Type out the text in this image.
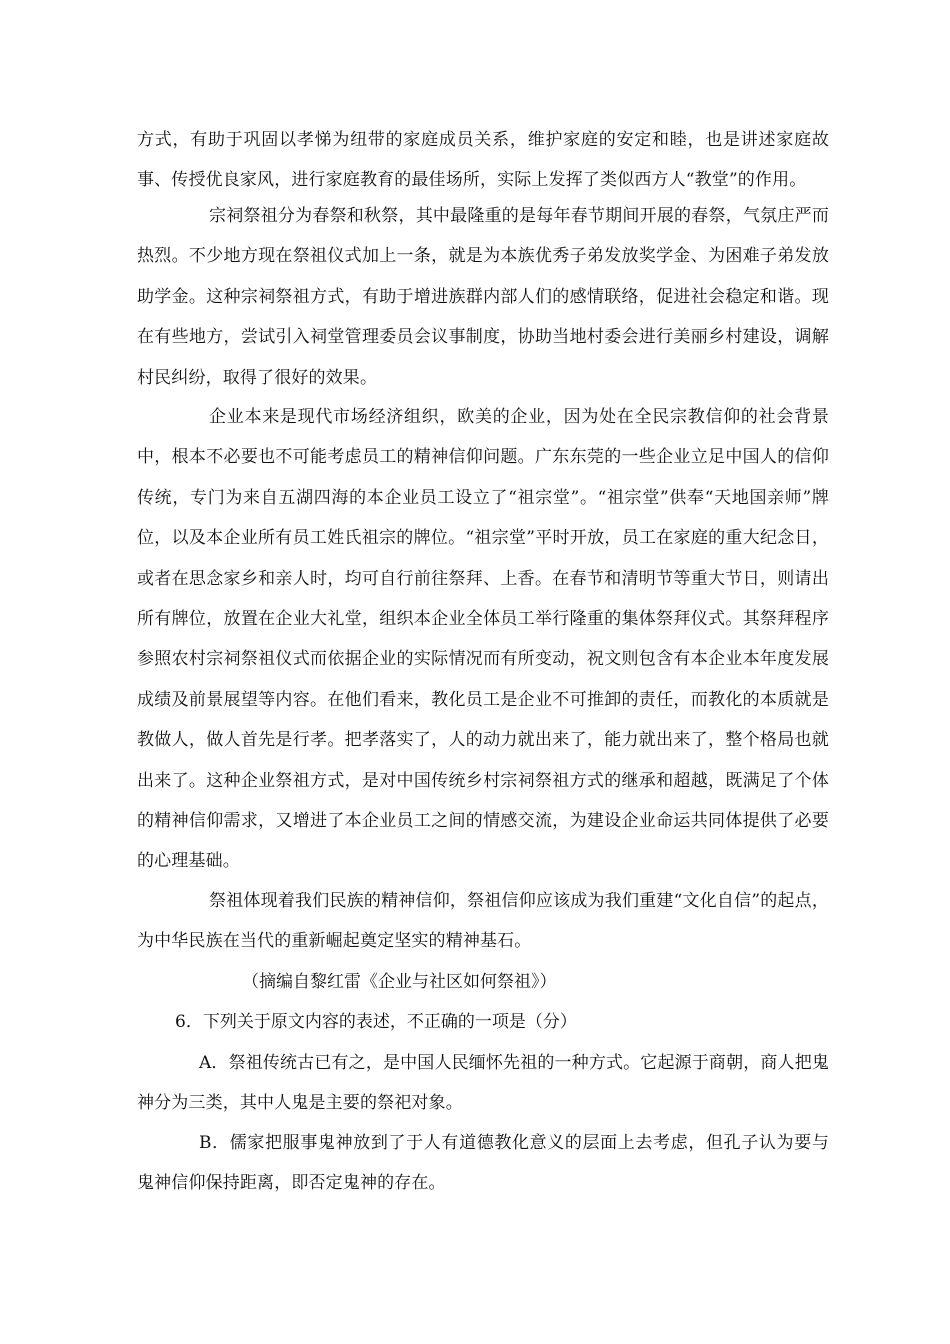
方式，有助于巩固以孝悌为纽带的家庭成员关系，维护家庭的安定和睦，也是讲述家庭故事、传授优良家风，进行家庭教育的最佳场所，实际上发挥了类似西方人“教堂”的作用。

宗祠祭祖分为春祭和秋祭，其中最隆重的是每年春节期间开展的春祭，气氛庄严而热烈。不少地方现在祭祖仪式加上一条，就是为本族优秀子弟发放奖学金、为困难子弟发放助学金。这种宗祠祭祖方式，有助于增进族群内部人们的感情联络，促进社会稳定和谐。现在有些地方，尝试引入祠堂管理委员会议事制度，协助当地村委会进行美丽乡村建设，调解村民纠纷，取得了很好的效果。

企业本来是现代市场经济组织，欧美的企业，因为处在全民宗教信仰的社会背景中，根本不必要也不可能考虑员工的精神信仰问题。广东东莞的一些企业立足中国人的信仰传统，专门为来自五湖四海的本企业员工设立了“祖宗堂”。“祖宗堂”供奉“天地国亲师”牌位，以及本企业所有员工姓氏祖宗的牌位。“祖宗堂”平时开放，员工在家庭的重大纪念日，或者在思念家乡和亲人时，均可自行前往祭拜、上香。在春节和清明节等重大节日，则请出所有牌位，放置在企业大礼堂，组织本企业全体员工举行隆重的集体祭拜仪式。其祭拜程序参照农村宗祠祭祖仪式而依据企业的实际情况而有所变动，祝文则包含有本企业本年度发展成绩及前景展望等内容。在他们看来，教化员工是企业不可推卸的责任，而教化的本质就是教做人，做人首先是行孝。把孝落实了，人的动力就出来了，能力就出来了，整个格局也就出来了。这种企业祭祖方式，是对中国传统乡村宗祠祭祖方式的继承和超越，既满足了个体的精神信仰需求，又增进了本企业员工之间的情感交流，为建设企业命运共同体提供了必要的心理基础。

祭祖体现着我们民族的精神信仰，祭祖信仰应该成为我们重建“文化自信”的起点，为中华民族在当代的重新崛起奠定坚实的精神基石。

（摘编自黎红雷《企业与社区如何祭祖》）

6．下列关于原文内容的表述，不正确的一项是（分）

A．祭祖传统古已有之，是中国人民缅怀先祖的一种方式。它起源于商朝，商人把鬼神分为三类，其中人鬼是主要的祭祀对象。

B．儒家把服事鬼神放到了于人有道德教化意义的层面上去考虑，但孔子认为要与鬼神信仰保持距离，即否定鬼神的存在。
